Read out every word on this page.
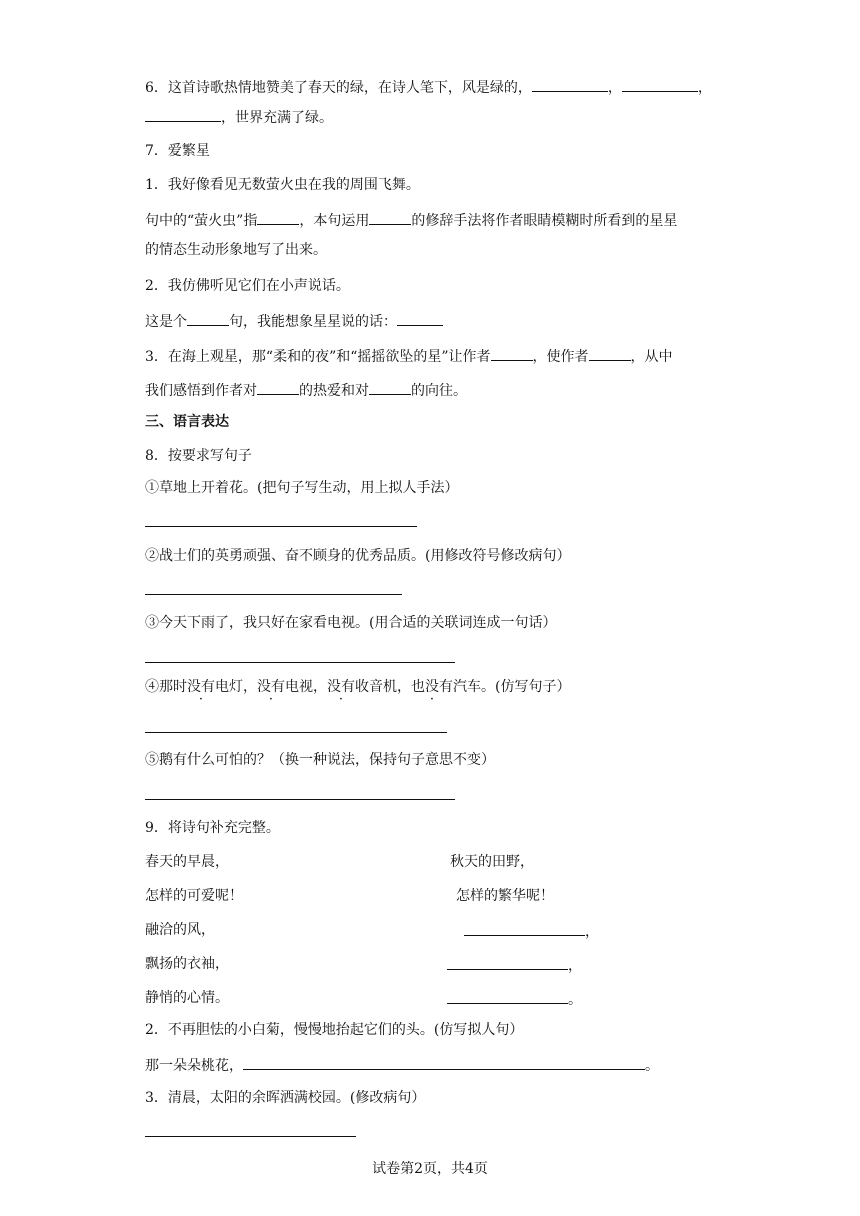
6．这首诗歌热情地赞美了春天的绿，在诗人笔下，风是绿的，	，	，
，世界充满了绿。
7．爱繁星
1．我好像看见无数萤火虫在我的周围飞舞。
句中的“萤火虫”指	，本句运用	的修辞手法将作者眼睛模糊时所看到的星星
的情态生动形象地写了出来。
2．我仿佛听见它们在小声说话。
这是个	句，我能想象星星说的话：
3．在海上观星，那“柔和的夜”和“摇摇欲坠的星”让作者	，使作者	，从中
我们感悟到作者对	的热爱和对	的向往。
三、语言表达
8．按要求写句子
①草地上开着花。(把句子写生动，用上拟人手法）
②战士们的英勇顽强、奋不顾身的优秀品质。(用修改符号修改病句）
③今天下雨了，我只好在家看电视。(用合适的关联词连成一句话）
④那时没有电灯，没有电视，没有收音机，也没有汽车。(仿写句子）
⑤鹅有什么可怕的？（换一种说法，保持句子意思不变）
9．将诗句补充完整。
春天的早晨，	秋天的田野，
怎样的可爱呢！	怎样的繁华呢！
融洽的风，	，
飘扬的衣袖，	，
静悄的心情。	。
2．不再胆怯的小白菊，慢慢地抬起它们的头。(仿写拟人句）
那一朵朵桃花，	。
3．清晨，太阳的余晖洒满校园。(修改病句）
试卷第2页，共4页
